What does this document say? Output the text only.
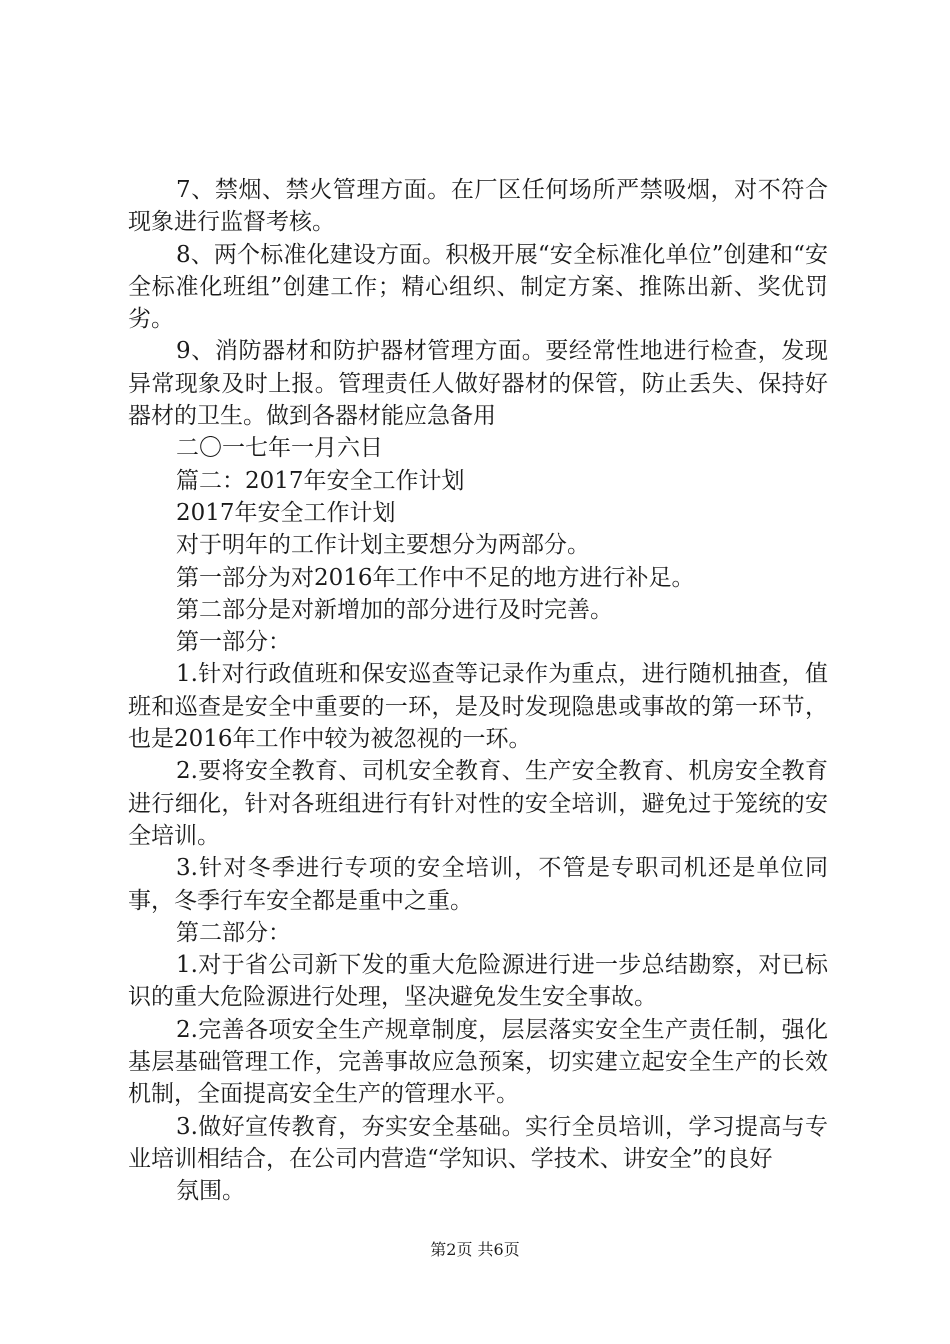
7、禁烟、禁火管理方面。在厂区任何场所严禁吸烟，对不符合现象进行监督考核。

8、两个标准化建设方面。积极开展“安全标准化单位”创建和“安全标准化班组”创建工作；精心组织、制定方案、推陈出新、奖优罚劣。

9、消防器材和防护器材管理方面。要经常性地进行检查，发现异常现象及时上报。管理责任人做好器材的保管，防止丢失、保持好器材的卫生。做到各器材能应急备用

二〇一七年一月六日

篇二：2017年安全工作计划

2017年安全工作计划

对于明年的工作计划主要想分为两部分。

第一部分为对2016年工作中不足的地方进行补足。

第二部分是对新增加的部分进行及时完善。

第一部分：

1.针对行政值班和保安巡查等记录作为重点，进行随机抽查，值班和巡查是安全中重要的一环，是及时发现隐患或事故的第一环节，也是2016年工作中较为被忽视的一环。

2.要将安全教育、司机安全教育、生产安全教育、机房安全教育进行细化，针对各班组进行有针对性的安全培训，避免过于笼统的安全培训。

3.针对冬季进行专项的安全培训，不管是专职司机还是单位同事，冬季行车安全都是重中之重。

第二部分：

1.对于省公司新下发的重大危险源进行进一步总结勘察，对已标识的重大危险源进行处理，坚决避免发生安全事故。

2.完善各项安全生产规章制度，层层落实安全生产责任制，强化基层基础管理工作，完善事故应急预案，切实建立起安全生产的长效机制，全面提高安全生产的管理水平。

3.做好宣传教育，夯实安全基础。实行全员培训，学习提高与专业培训相结合，在公司内营造“学知识、学技术、讲安全”的良好

氛围。

第2页 共6页
